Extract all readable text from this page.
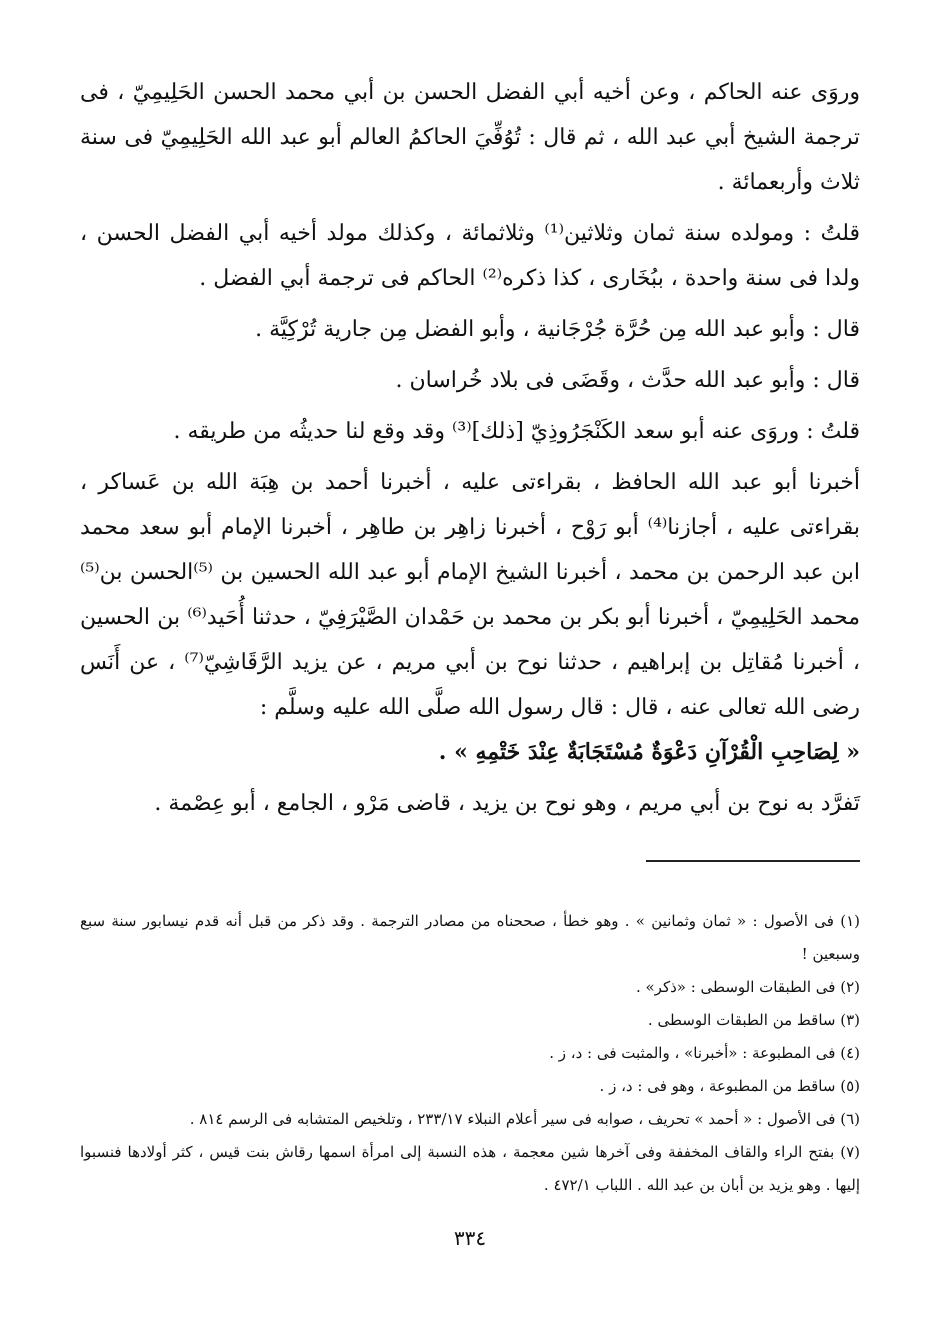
وروَى عنه الحاكم ، وعن أخيه أبي الفضل الحسن بن أبي محمد الحسن الحَلِيمِيّ ، فى ترجمة الشيخ أبي عبد الله ، ثم قال : تُوُفِّيَ الحاكمُ العالم أبو عبد الله الحَلِيمِيّ فى سنة ثلاث وأربعمائة .

قلتُ : ومولده سنة ثمان وثلاثين⁽¹⁾ وثلاثمائة ، وكذلك مولد أخيه أبي الفضل الحسن ، ولدا فى سنة واحدة ، ببُخَارى ، كذا ذكره⁽²⁾ الحاكم فى ترجمة أبي الفضل .

قال : وأبو عبد الله مِن حُرَّة جُرْجَانية ، وأبو الفضل مِن جارية تُرْكِيَّة .

قال : وأبو عبد الله حدَّث ، وقَضَى فى بلاد خُراسان .

قلتُ : وروَى عنه أبو سعد الكَنْجَرُوذِيّ [ذلك]⁽³⁾ وقد وقع لنا حديثُه من طريقه .

أخبرنا أبو عبد الله الحافظ ، بقراءتى عليه ، أخبرنا أحمد بن هِبَة الله بن عَساكر ، بقراءتى عليه ، أجازنا⁽⁴⁾ أبو رَوْح ، أخبرنا زاهِر بن طاهِر ، أخبرنا الإمام أبو سعد محمد ابن عبد الرحمن بن محمد ، أخبرنا الشيخ الإمام أبو عبد الله الحسين بن ⁽⁵⁾الحسن بن⁽⁵⁾ محمد الحَلِيمِيّ ، أخبرنا أبو بكر بن محمد بن حَمْدان الصَّيْرَفِيّ ، حدثنا أُحَيد⁽⁶⁾ بن الحسين ، أخبرنا مُقاتِل بن إبراهيم ، حدثنا نوح بن أبي مريم ، عن يزيد الرَّقَاشِيّ⁽⁷⁾ ، عن أَنَس رضى الله تعالى عنه ، قال : قال رسول الله صلَّى الله عليه وسلَّم :

« لِصَاحِبِ الْقُرْآنِ دَعْوَةٌ مُسْتَجَابَةٌ عِنْدَ خَتْمِهِ » .

تَفرَّد به نوح بن أبي مريم ، وهو نوح بن يزيد ، قاضى مَرْو ، الجامع ، أبو عِصْمة .

(١) فى الأصول : « ثمان وثمانين » . وهو خطأ ، صححناه من مصادر الترجمة . وقد ذكر من قبل أنه قدم نيسابور سنة سبع وسبعين !

(٢) فى الطبقات الوسطى : «ذكر» .

(٣) ساقط من الطبقات الوسطى .

(٤) فى المطبوعة : «أخبرنا» ، والمثبت فى : د، ز .

(٥) ساقط من المطبوعة ، وهو فى : د، ز .

(٦) فى الأصول : « أحمد » تحريف ، صوابه فى سير أعلام النبلاء ٢٣٣/١٧ ، وتلخيص المتشابه فى الرسم ٨١٤ .

(٧) بفتح الراء والقاف المخففة وفى آخرها شين معجمة ، هذه النسبة إلى امرأة اسمها رقاش بنت قيس ، كثر أولادها فنسبوا إليها . وهو يزيد بن أبان بن عبد الله . اللباب ٤٧٢/١ .

٣٣٤
